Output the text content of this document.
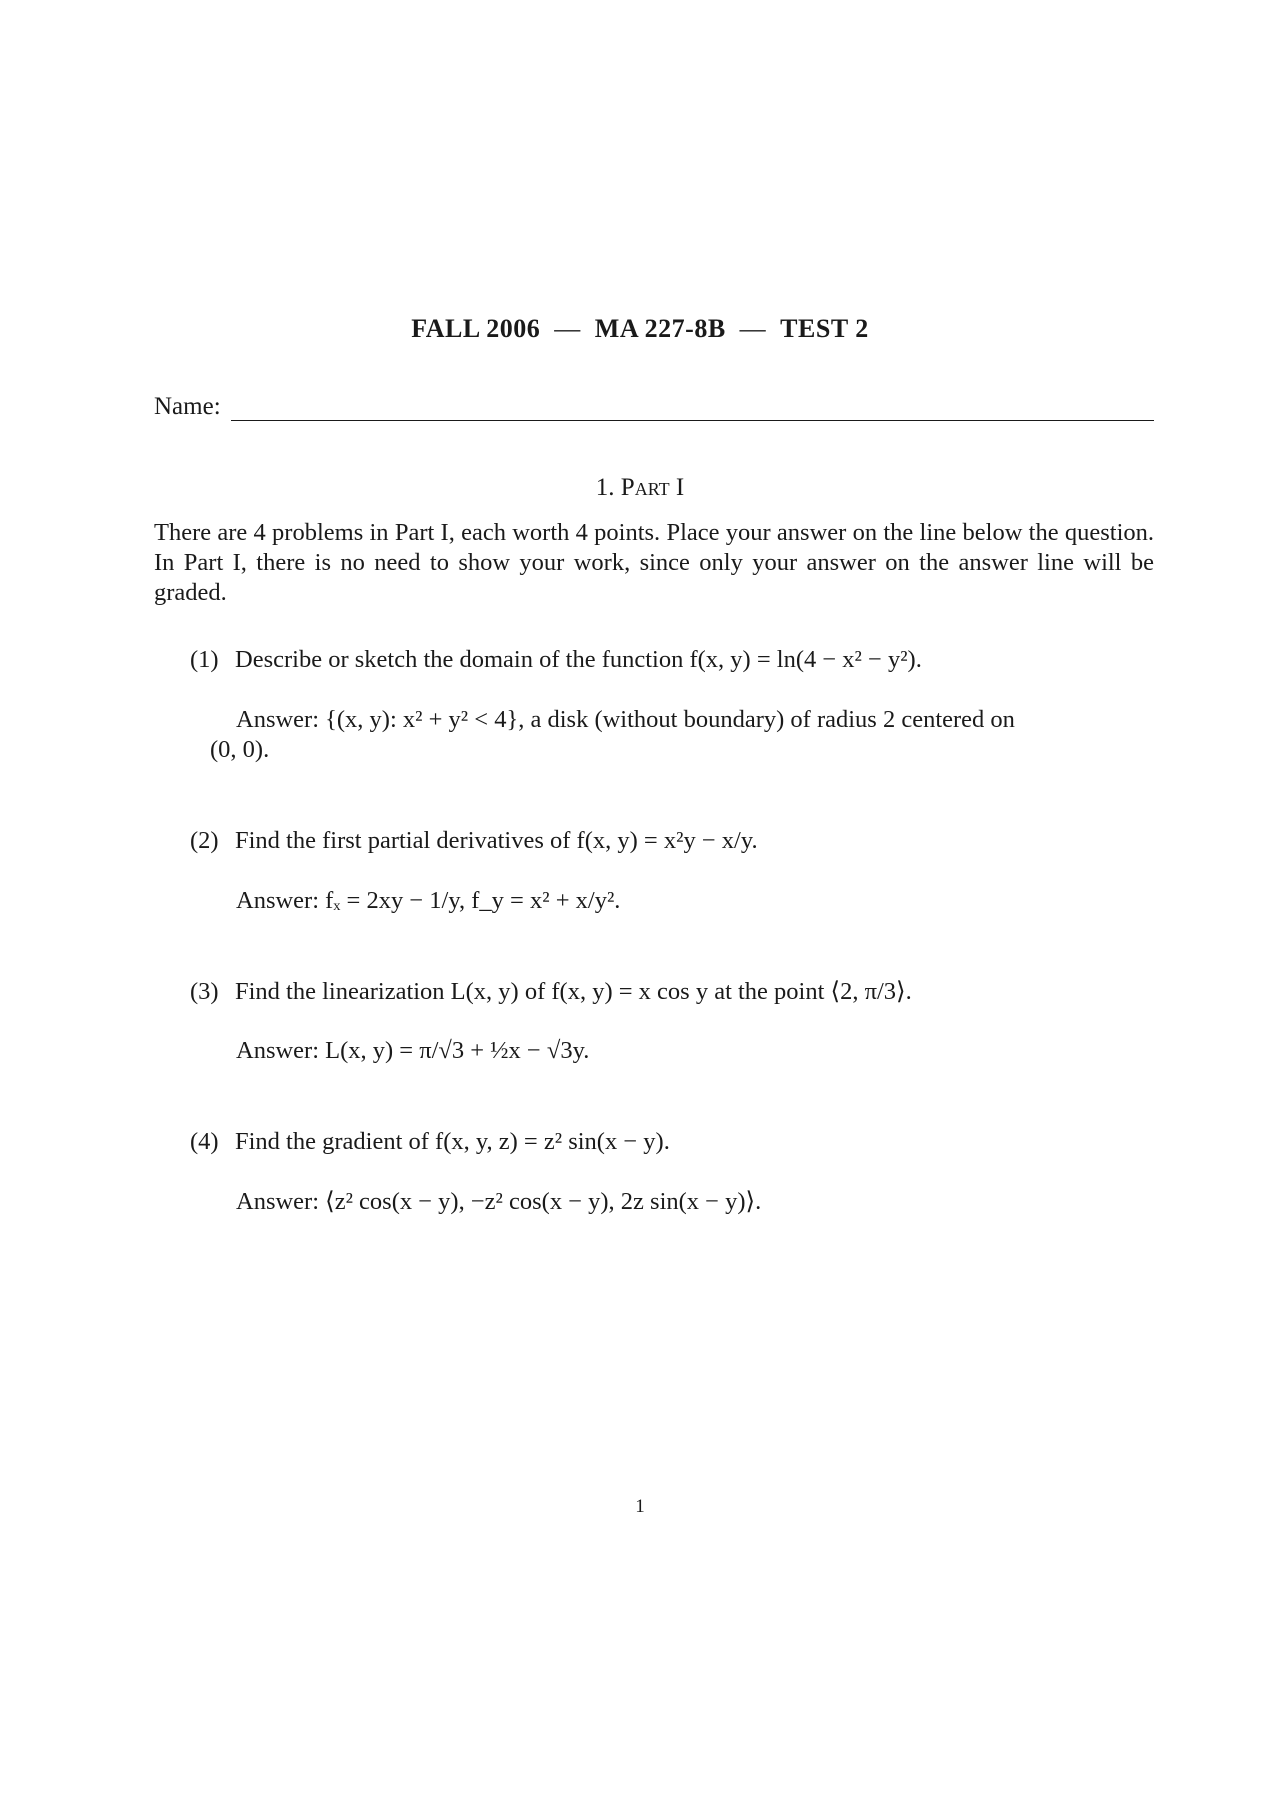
FALL 2006 — MA 227-8B — TEST 2
Name:
1. Part I
There are 4 problems in Part I, each worth 4 points. Place your answer on the line below the question. In Part I, there is no need to show your work, since only your answer on the answer line will be graded.
(1) Describe or sketch the domain of the function f(x, y) = ln(4 − x² − y²).
Answer: {(x, y): x² + y² < 4}, a disk (without boundary) of radius 2 centered on
(0, 0).
(2) Find the first partial derivatives of f(x, y) = x²y − x/y.
Answer: fₓ = 2xy − 1/y, f_y = x² + x/y².
(3) Find the linearization L(x, y) of f(x, y) = x cos y at the point ⟨2, π/3⟩.
Answer: L(x, y) = π/√3 + ½x − √3y.
(4) Find the gradient of f(x, y, z) = z² sin(x − y).
Answer: ⟨z² cos(x − y), −z² cos(x − y), 2z sin(x − y)⟩.
1
